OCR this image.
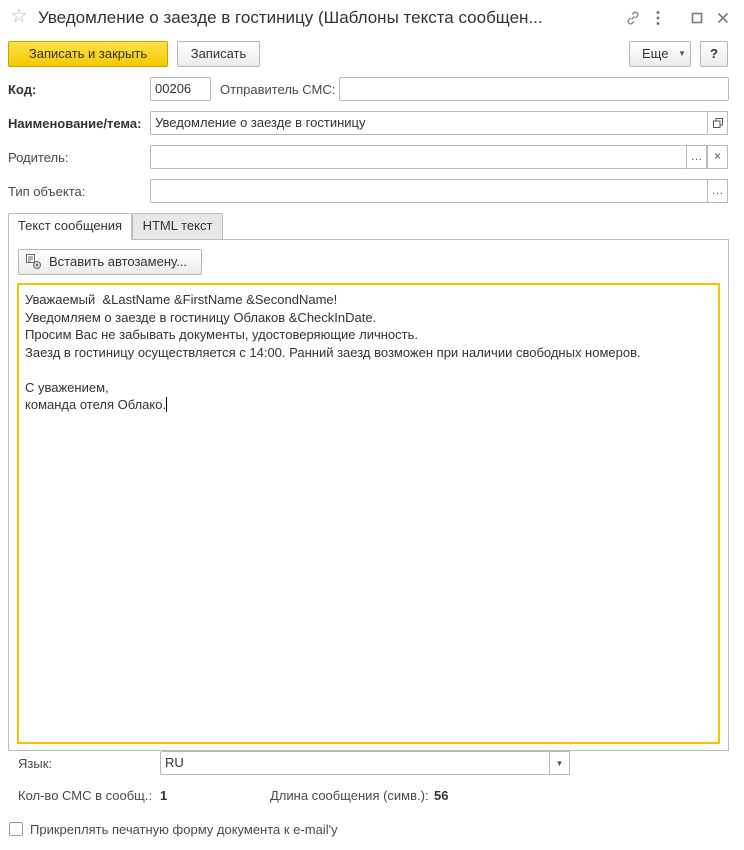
☆ Уведомление о заезде в гостиницу (Шаблоны текста сообщен...
Записать и закрыть	Записать	Еще ▼	?
Код:	00206	Отправитель СМС:
Наименование/тема:	Уведомление о заезде в гостиницу
Родитель:	… ×
Тип объекта:	…
Текст сообщения	HTML текст
Вставить автозамену...
Уважаемый  &LastName &FirstName &SecondName!
Уведомляем о заезде в гостиницу Облаков &CheckInDate.
Просим Вас не забывать документы, удостоверяющие личность.
Заезд в гостиницу осуществляется с 14:00. Ранний заезд возможен при наличии свободных номеров.
С уважением,
команда отеля Облако.
Язык:	RU	▼
Кол-во СМС в сообщ.: 1	Длина сообщения (симв.): 56
Прикреплять печатную форму документа к e-mail'у
